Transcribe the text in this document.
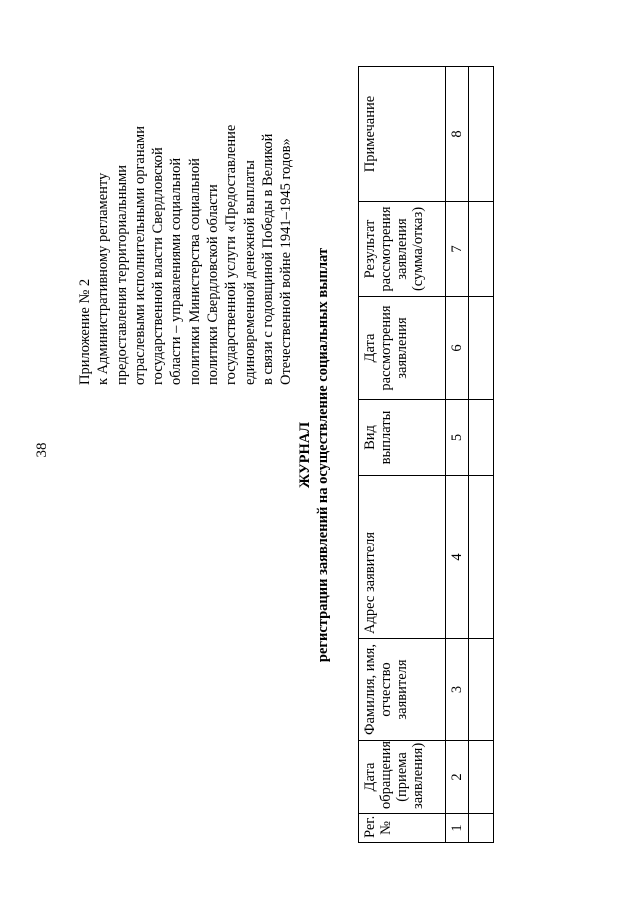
38
Приложение № 2 к Административному регламенту предоставления территориальными отраслевыми исполнительными органами государственной власти Свердловской области – управлениями социальной политики Министерства социальной политики Свердловской области государственной услуги «Предоставление единовременной денежной выплаты в связи с годовщиной Победы в Великой Отечественной войне 1941–1945 годов»
ЖУРНАЛ регистрации заявлений на осуществление социальных выплат
Рег. №	Дата обращения (приема заявления)	Фамилия, имя, отчество заявителя	Адрес заявителя	Вид выплаты	Дата рассмотрения заявления	Результат рассмотрения заявления (сумма/отказ)	Примечание
1	2	3	4	5	6	7	8
